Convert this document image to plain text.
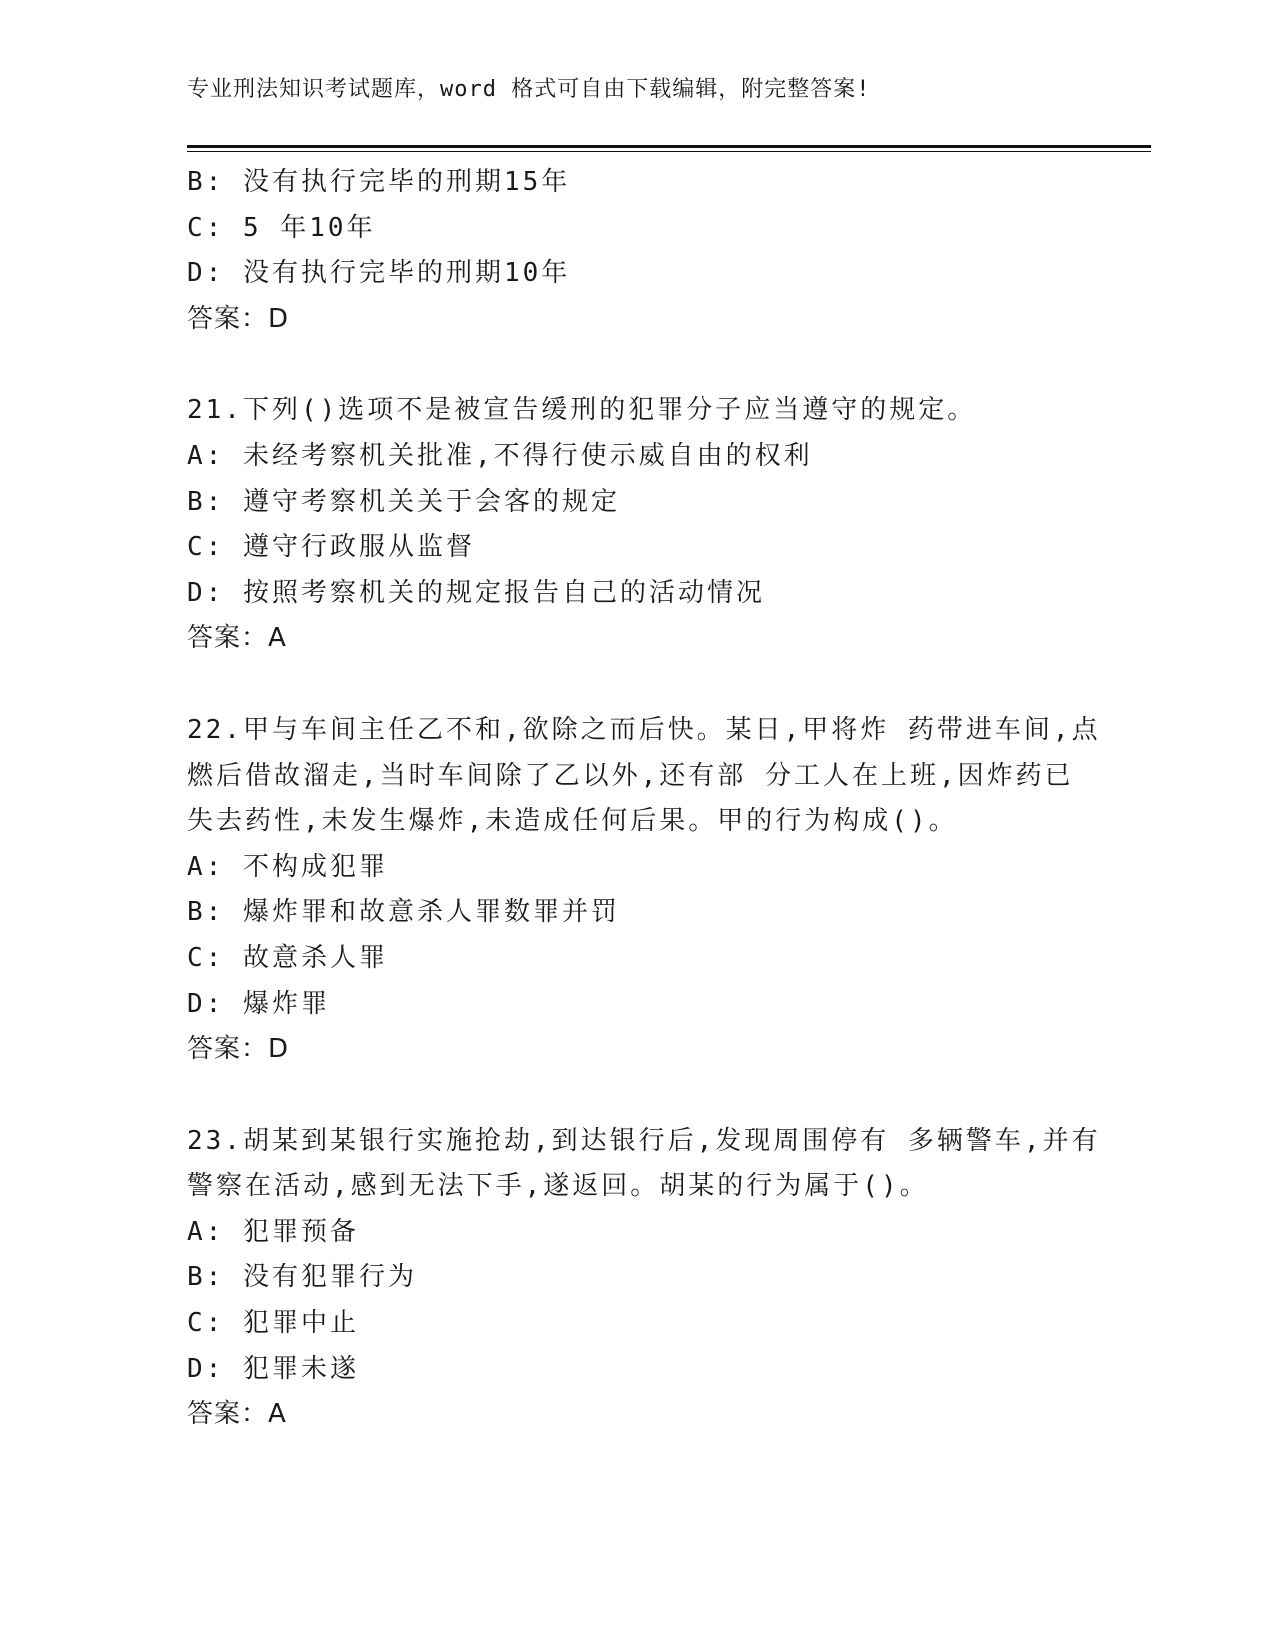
专业刑法知识考试题库，word 格式可自由下载编辑，附完整答案!
B: 没有执行完毕的刑期15年
C: 5 年10年
D: 没有执行完毕的刑期10年
答案：D
21.下列()选项不是被宣告缓刑的犯罪分子应当遵守的规定。
A: 未经考察机关批准,不得行使示威自由的权利
B: 遵守考察机关关于会客的规定
C: 遵守行政服从监督
D: 按照考察机关的规定报告自己的活动情况
答案：A
22.甲与车间主任乙不和,欲除之而后快。某日,甲将炸 药带进车间,点
燃后借故溜走,当时车间除了乙以外,还有部 分工人在上班,因炸药已
失去药性,未发生爆炸,未造成任何后果。甲的行为构成()。
A: 不构成犯罪
B: 爆炸罪和故意杀人罪数罪并罚
C: 故意杀人罪
D: 爆炸罪
答案：D
23.胡某到某银行实施抢劫,到达银行后,发现周围停有 多辆警车,并有
警察在活动,感到无法下手,遂返回。胡某的行为属于()。
A: 犯罪预备
B: 没有犯罪行为
C: 犯罪中止
D: 犯罪未遂
答案：A
